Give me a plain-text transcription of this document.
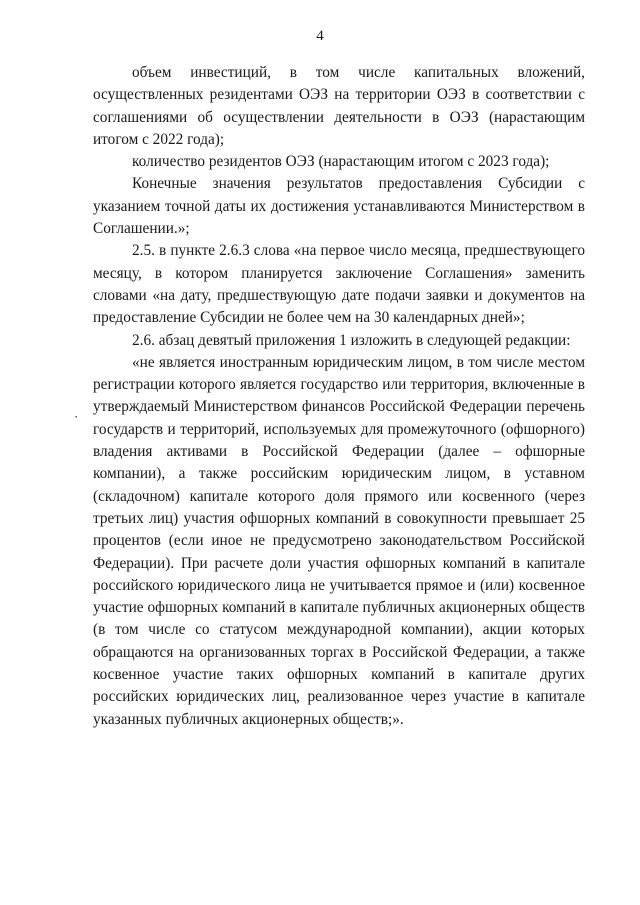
4
·

объем инвестиций, в том числе капитальных вложений, осуществленных резидентами ОЭЗ на территории ОЭЗ в соответствии с соглашениями об осуществлении деятельности в ОЭЗ (нарастающим итогом с 2022 года);

количество резидентов ОЭЗ (нарастающим итогом с 2023 года);

Конечные значения результатов предоставления Субсидии с указанием точной даты их достижения устанавливаются Министерством в Соглашении.»;

2.5. в пункте 2.6.3 слова «на первое число месяца, предшествующего месяцу, в котором планируется заключение Соглашения» заменить словами «на дату, предшествующую дате подачи заявки и документов на предоставление Субсидии не более чем на 30 календарных дней»;

2.6. абзац девятый приложения 1 изложить в следующей редакции:

«не является иностранным юридическим лицом, в том числе местом регистрации которого является государство или территория, включенные в утверждаемый Министерством финансов Российской Федерации перечень государств и территорий, используемых для промежуточного (офшорного) владения активами в Российской Федерации (далее – офшорные компании), а также российским юридическим лицом, в уставном (складочном) капитале которого доля прямого или косвенного (через третьих лиц) участия офшорных компаний в совокупности превышает 25 процентов (если иное не предусмотрено законодательством Российской Федерации). При расчете доли участия офшорных компаний в капитале российского юридического лица не учитывается прямое и (или) косвенное участие офшорных компаний в капитале публичных акционерных обществ (в том числе со статусом международной компании), акции которых обращаются на организованных торгах в Российской Федерации, а также косвенное участие таких офшорных компаний в капитале других российских юридических лиц, реализованное через участие в капитале указанных публичных акционерных обществ;».
